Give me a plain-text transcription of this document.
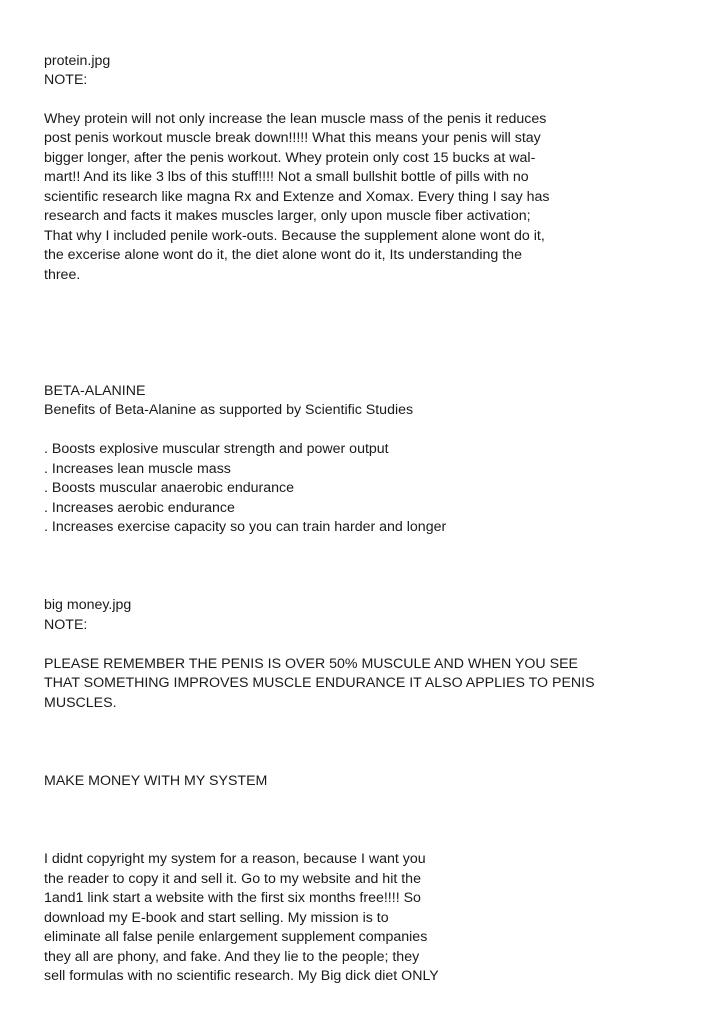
protein.jpg
NOTE:
Whey protein will not only increase the lean muscle mass of the penis it reduces
post penis workout muscle break down!!!!! What this means your penis will stay
bigger longer, after the penis workout. Whey protein only cost 15 bucks at wal-
mart!! And its like 3 lbs of this stuff!!!! Not a small bullshit bottle of pills with no
scientific research like magna Rx and Extenze and Xomax. Every thing I say has
research and facts it makes muscles larger, only upon muscle fiber activation;
That why I included penile work-outs. Because the supplement alone wont do it,
the excerise alone wont do it, the diet alone wont do it, Its understanding the
three.
BETA-ALANINE
Benefits of Beta-Alanine as supported by Scientific Studies
. Boosts explosive muscular strength and power output
. Increases lean muscle mass
. Boosts muscular anaerobic endurance
. Increases aerobic endurance
. Increases exercise capacity so you can train harder and longer
big money.jpg
NOTE:
PLEASE REMEMBER THE PENIS IS OVER 50% MUSCULE AND WHEN YOU SEE
THAT SOMETHING IMPROVES MUSCLE ENDURANCE IT ALSO APPLIES TO PENIS
MUSCLES.
MAKE MONEY WITH MY SYSTEM
I didnt copyright my system for a reason, because I want you
the reader to copy it and sell it. Go to my website and hit the
1and1 link start a website with the first six months free!!!! So
download my E-book and start selling. My mission is to
eliminate all false penile enlargement supplement companies
they all are phony, and fake. And they lie to the people; they
sell formulas with no scientific research. My Big dick diet ONLY
